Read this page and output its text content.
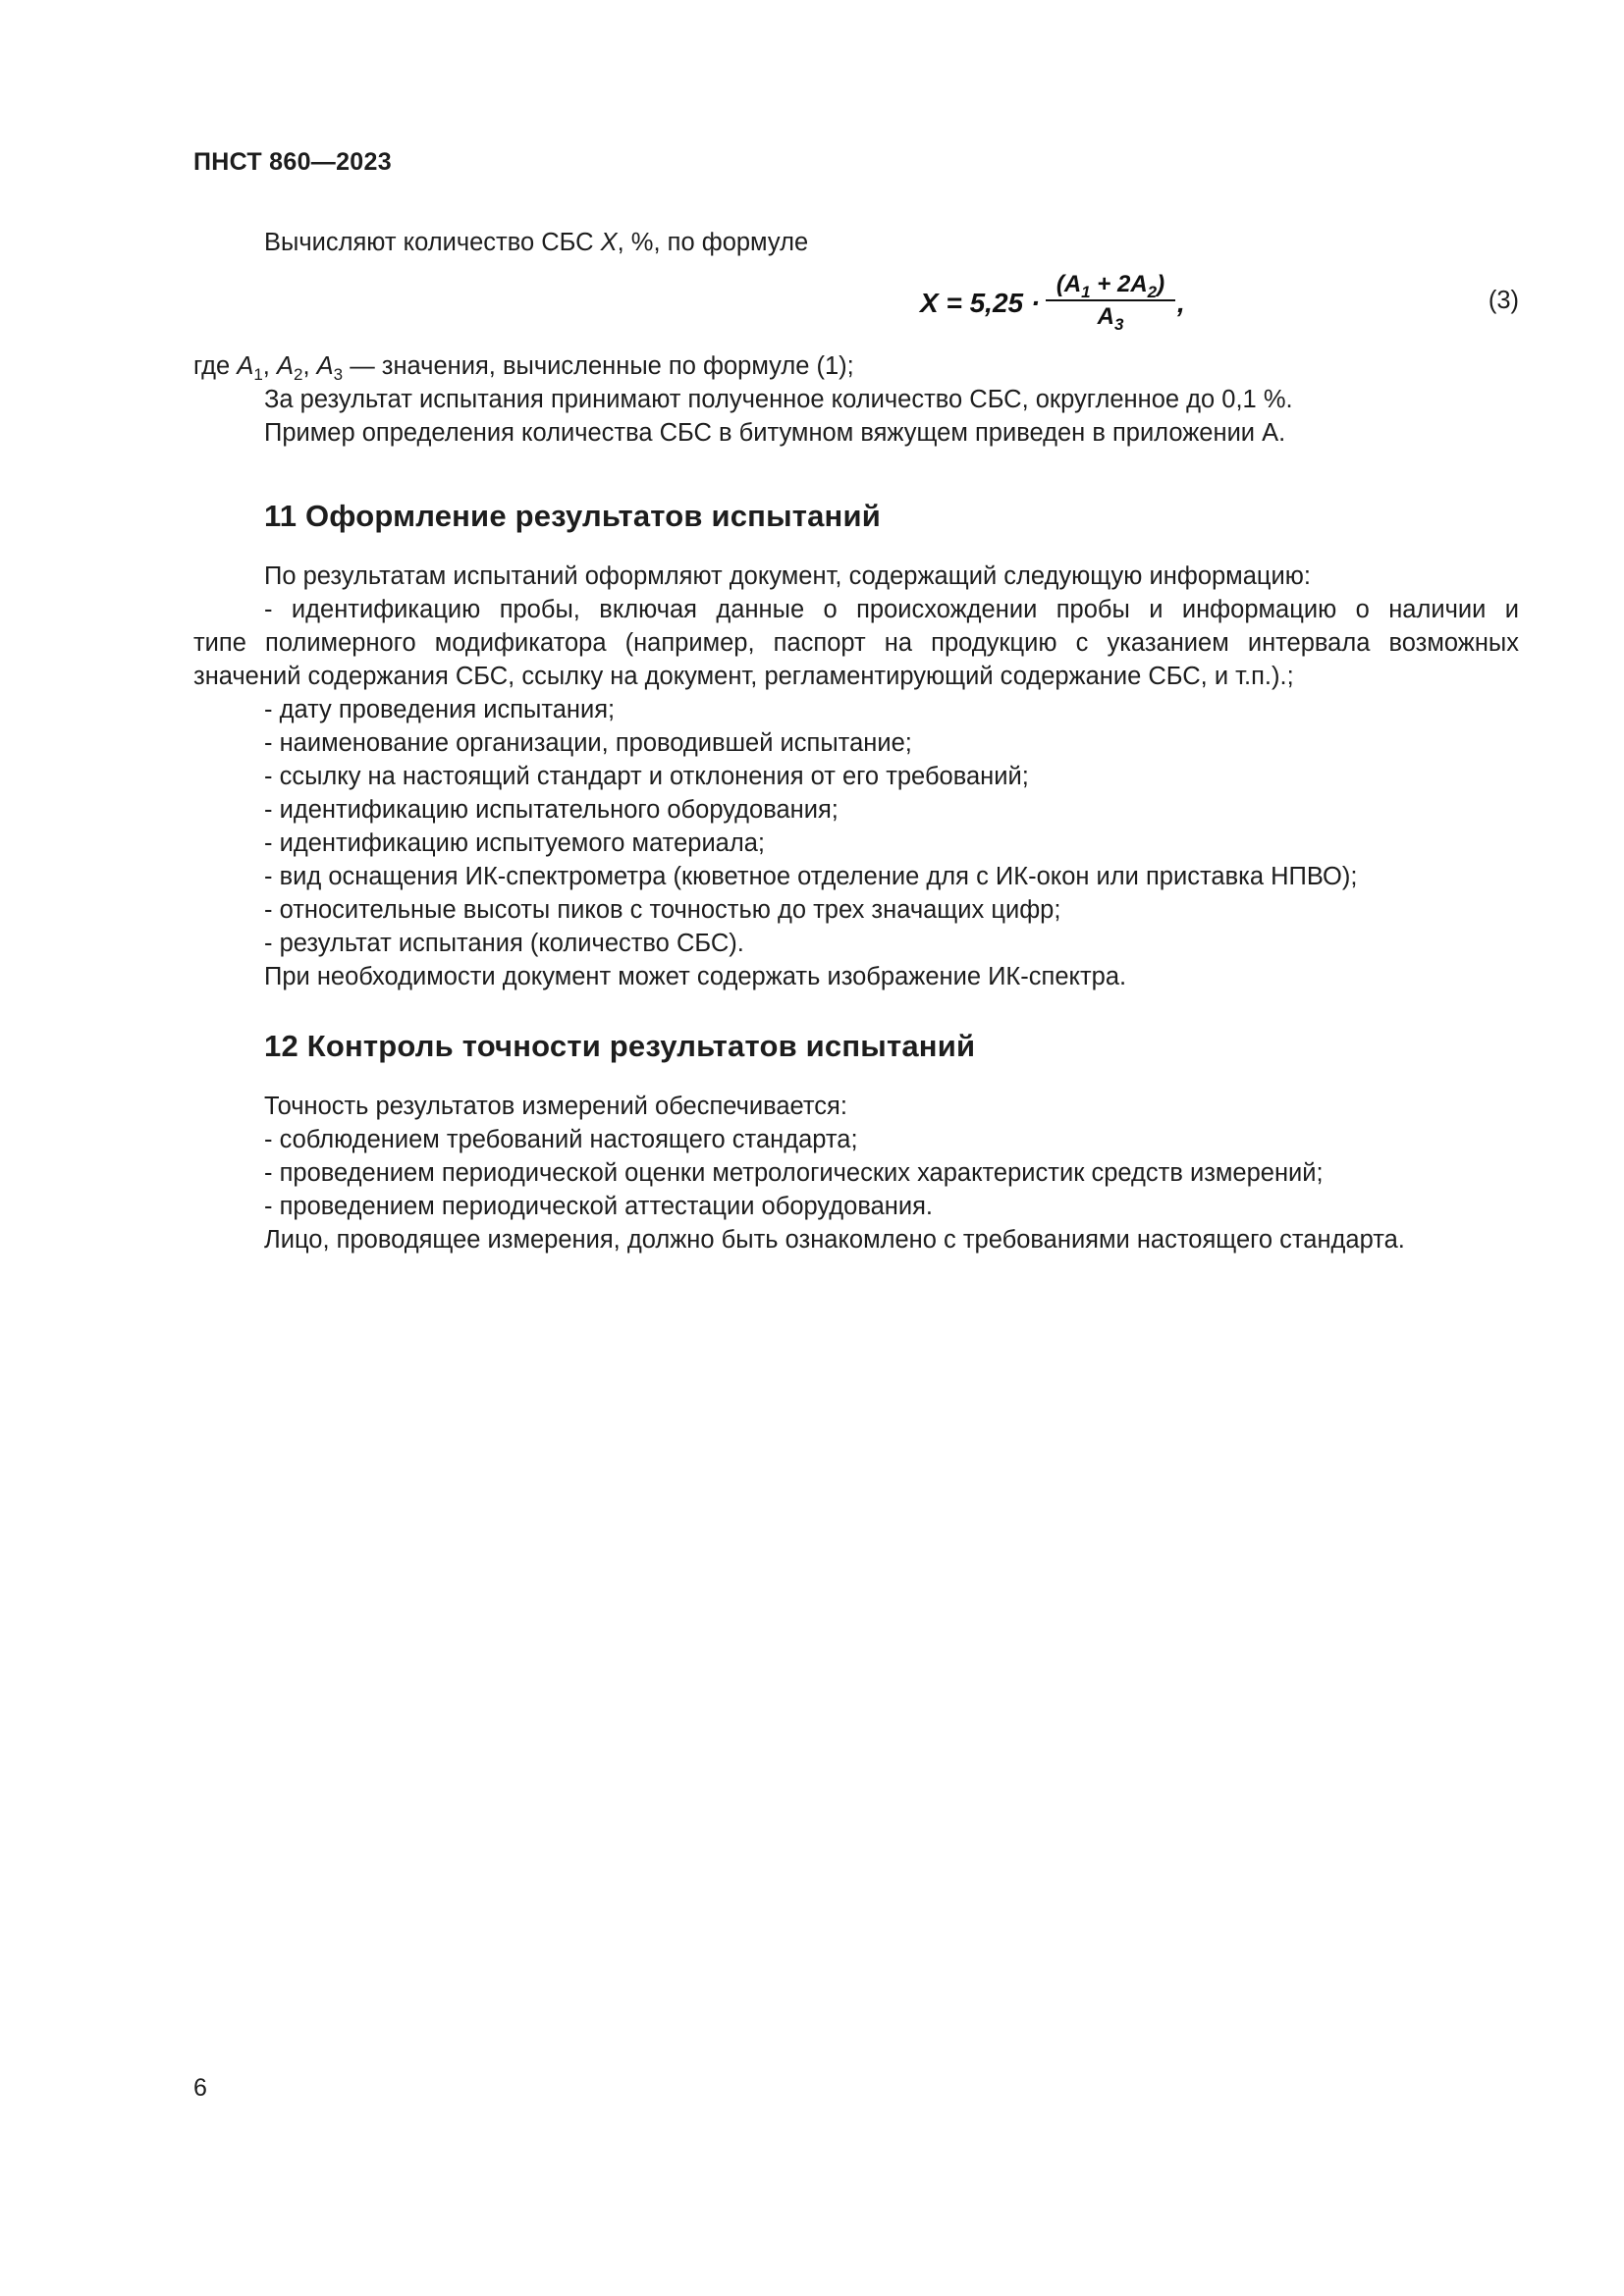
ПНСТ 860—2023
Вычисляют количество СБС X, %, по формуле
X = 5,25 ·
$(A_1 + 2A_2)$
$A_3$
,	(3)
где $A_1$, $A_2$, $A_3$ — значения, вычисленные по формуле (1);
За результат испытания принимают полученное количество СБС, округленное до 0,1 %.
Пример определения количества СБС в битумном вяжущем приведен в приложении А.
11 Оформление результатов испытаний
По результатам испытаний оформляют документ, содержащий следующую информацию:
- идентификацию пробы, включая данные о происхождении пробы и информацию о наличии и
типе полимерного модификатора (например, паспорт на продукцию с указанием интервала возможных
значений содержания СБС, ссылку на документ, регламентирующий содержание СБС, и т.п.).;
- дату проведения испытания;
- наименование организации, проводившей испытание;
- ссылку на настоящий стандарт и отклонения от его требований;
- идентификацию испытательного оборудования;
- идентификацию испытуемого материала;
- вид оснащения ИК-спектрометра (кюветное отделение для с ИК-окон или приставка НПВО);
- относительные высоты пиков с точностью до трех значащих цифр;
- результат испытания (количество СБС).
При необходимости документ может содержать изображение ИК-спектра.
12 Контроль точности результатов испытаний
Точность результатов измерений обеспечивается:
- соблюдением требований настоящего стандарта;
- проведением периодической оценки метрологических характеристик средств измерений;
- проведением периодической аттестации оборудования.
Лицо, проводящее измерения, должно быть ознакомлено с требованиями настоящего стандарта.
6
